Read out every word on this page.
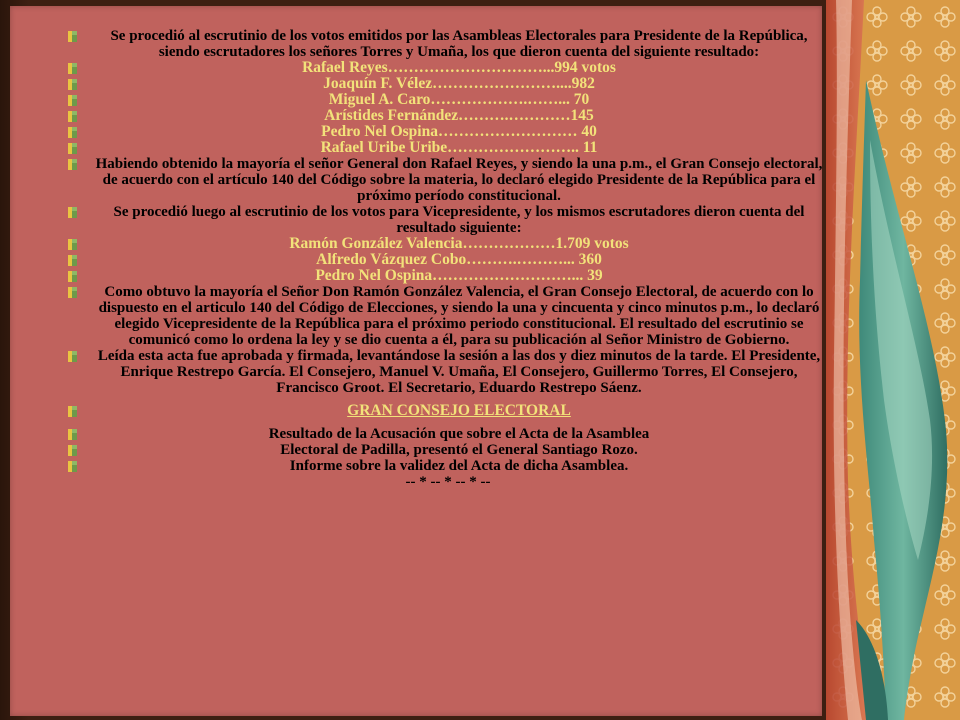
Se procedió al escrutinio de los votos emitidos por las Asambleas Electorales para Presidente de la República, siendo escrutadores los señores Torres y Umaña, los que dieron cuenta del siguiente resultado:

Rafael Reyes…………………………...994 votos

Joaquín F. Vélez……………………....982

Miguel A. Caro……………….……... 70

Arístides Fernández……….…………145

Pedro Nel Ospina……………………… 40

Rafael Uribe Uribe…………………….. 11

Habiendo obtenido la mayoría el señor General don Rafael Reyes, y siendo la una p.m., el Gran Consejo electoral, de acuerdo con el artículo 140 del Código sobre la materia, lo declaró elegido Presidente de la República para el próximo período constitucional.

Se procedió luego al escrutinio de los votos para Vicepresidente, y los mismos escrutadores dieron cuenta del resultado siguiente:

Ramón González Valencia………………1.709 votos

Alfredo Vázquez Cobo……….………... 360

Pedro Nel Ospina………………………... 39

Como obtuvo la mayoría el Señor Don Ramón González Valencia, el Gran Consejo Electoral, de acuerdo con lo dispuesto en el articulo 140 del Código de Elecciones, y siendo la una y cincuenta y cinco minutos p.m., lo declaró elegido Vicepresidente de la República para el próximo periodo constitucional. El resultado del escrutinio se comunicó como lo ordena la ley y se dio cuenta a él, para su publicación al Señor Ministro de Gobierno.

Leída esta acta fue aprobada y firmada, levantándose la sesión a las dos y diez minutos de la tarde. El Presidente, Enrique Restrepo García. El Consejero, Manuel V. Umaña, El Consejero, Guillermo Torres, El Consejero, Francisco Groot. El Secretario, Eduardo Restrepo Sáenz.

GRAN CONSEJO ELECTORAL

Resultado de la Acusación que sobre el Acta de la Asamblea

Electoral de Padilla, presentó el General Santiago Rozo.

Informe sobre la validez del Acta de dicha Asamblea.

-- * -- * -- * --
